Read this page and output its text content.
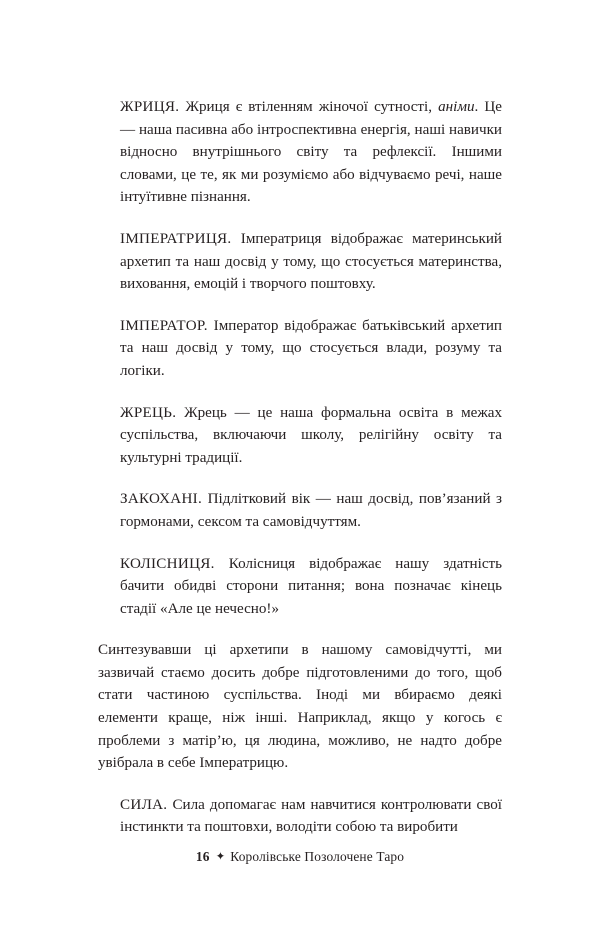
ЖРИЦЯ. Жриця є втіленням жіночої сутності, аніми. Це — наша пасивна або інтроспективна енергія, наші навички відносно внутрішнього світу та рефлексії. Іншими словами, це те, як ми розуміємо або відчуваємо речі, наше інтуїтивне пізнання.

ІМПЕРАТРИЦЯ. Імператриця відображає материнський архетип та наш досвід у тому, що стосується материнства, виховання, емоцій і творчого поштовху.

ІМПЕРАТОР. Імператор відображає батьківський архетип та наш досвід у тому, що стосується влади, розуму та логіки.

ЖРЕЦЬ. Жрець — це наша формальна освіта в межах суспільства, включаючи школу, релігійну освіту та культурні традиції.

ЗАКОХАНІ. Підлітковий вік — наш досвід, пов’язаний з гормонами, сексом та самовідчуттям.

КОЛІСНИЦЯ. Колісниця відображає нашу здатність бачити обидві сторони питання; вона позначає кінець стадії «Але це нечесно!»

Синтезувавши ці архетипи в нашому самовідчутті, ми зазвичай стаємо досить добре підготовленими до того, щоб стати частиною суспільства. Іноді ми вбираємо деякі елементи краще, ніж інші. Наприклад, якщо у когось є проблеми з матір’ю, ця людина, можливо, не надто добре увібрала в себе Імператрицю.

СИЛА. Сила допомагає нам навчитися контролювати свої інстинкти та поштовхи, володіти собою та виробити

16 ✦ Королівське Позолочене Таро
